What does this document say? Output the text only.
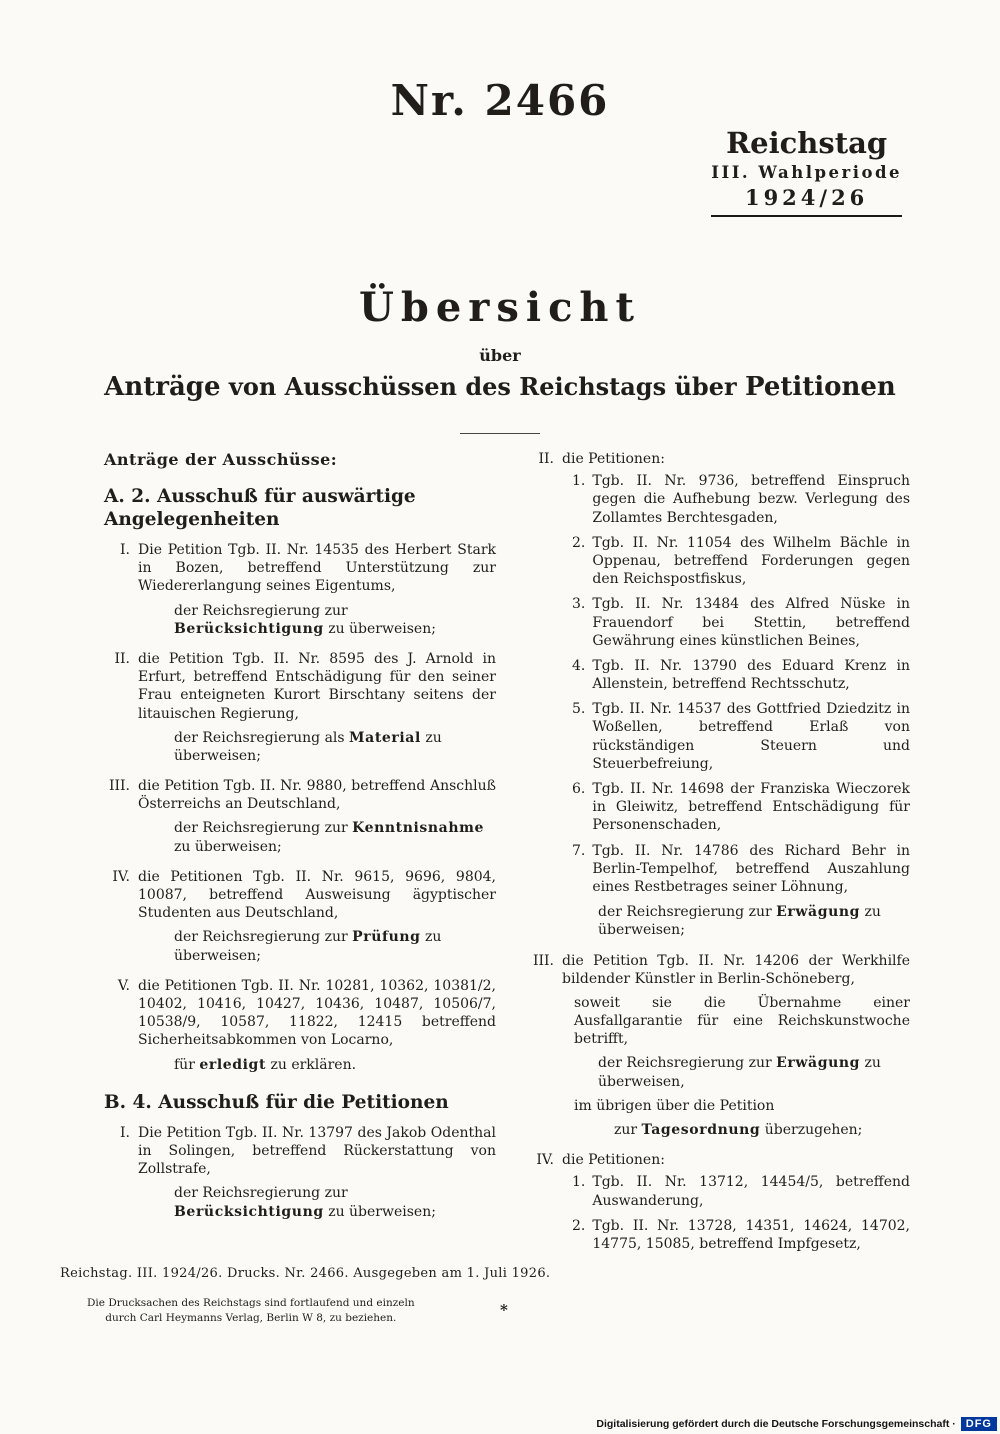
Nr. 2466
Reichstag
III. Wahlperiode
1924/26
Übersicht
über
Anträge von Ausschüssen des Reichstags über Petitionen
Anträge der Ausschüsse:
A. 2. Ausschuß für auswärtige Angelegenheiten
I. Die Petition Tgb. II. Nr. 14535 des Herbert Stark in Bozen, betreffend Unterstützung zur Wiedererlangung seines Eigentums,
der Reichsregierung zur Berücksichtigung zu überweisen;
II. die Petition Tgb. II. Nr. 8595 des J. Arnold in Erfurt, betreffend Entschädigung für den seiner Frau enteigneten Kurort Birschtany seitens der litauischen Regierung,
der Reichsregierung als Material zu überweisen;
III. die Petition Tgb. II. Nr. 9880, betreffend Anschluß Österreichs an Deutschland,
der Reichsregierung zur Kenntnisnahme zu überweisen;
IV. die Petitionen Tgb. II. Nr. 9615, 9696, 9804, 10087, betreffend Ausweisung ägyptischer Studenten aus Deutschland,
der Reichsregierung zur Prüfung zu überweisen;
V. die Petitionen Tgb. II. Nr. 10281, 10362, 10381/2, 10402, 10416, 10427, 10436, 10487, 10506/7, 10538/9, 10587, 11822, 12415 betreffend Sicherheitsabkommen von Locarno,
für erledigt zu erklären.
B. 4. Ausschuß für die Petitionen
I. Die Petition Tgb. II. Nr. 13797 des Jakob Odenthal in Solingen, betreffend Rückerstattung von Zollstrafe,
der Reichsregierung zur Berücksichtigung zu überweisen;
II. die Petitionen:
1. Tgb. II. Nr. 9736, betreffend Einspruch gegen die Aufhebung bezw. Verlegung des Zollamtes Berchtesgaden,
2. Tgb. II. Nr. 11054 des Wilhelm Bächle in Oppenau, betreffend Forderungen gegen den Reichspostfiskus,
3. Tgb. II. Nr. 13484 des Alfred Nüske in Frauendorf bei Stettin, betreffend Gewährung eines künstlichen Beines,
4. Tgb. II. Nr. 13790 des Eduard Krenz in Allenstein, betreffend Rechtsschutz,
5. Tgb. II. Nr. 14537 des Gottfried Dziedzitz in Woßellen, betreffend Erlaß von rückständigen Steuern und Steuerbefreiung,
6. Tgb. II. Nr. 14698 der Franziska Wieczorek in Gleiwitz, betreffend Entschädigung für Personenschaden,
7. Tgb. II. Nr. 14786 des Richard Behr in Berlin-Tempelhof, betreffend Auszahlung eines Restbetrages seiner Löhnung,
der Reichsregierung zur Erwägung zu überweisen;
III. die Petition Tgb. II. Nr. 14206 der Werkhilfe bildender Künstler in Berlin-Schöneberg,
soweit sie die Übernahme einer Ausfallgarantie für eine Reichskunstwoche betrifft,
der Reichsregierung zur Erwägung zu überweisen,
im übrigen über die Petition
zur Tagesordnung überzugehen;
IV. die Petitionen:
1. Tgb. II. Nr. 13712, 14454/5, betreffend Auswanderung,
2. Tgb. II. Nr. 13728, 14351, 14624, 14702, 14775, 15085, betreffend Impfgesetz,
Reichstag. III. 1924/26. Drucks. Nr. 2466. Ausgegeben am 1. Juli 1926.
Die Drucksachen des Reichstags sind fortlaufend und einzeln
durch Carl Heymanns Verlag, Berlin W 8, zu beziehen.	*
Digitalisierung gefördert durch die Deutsche Forschungsgemeinschaft · DFG
